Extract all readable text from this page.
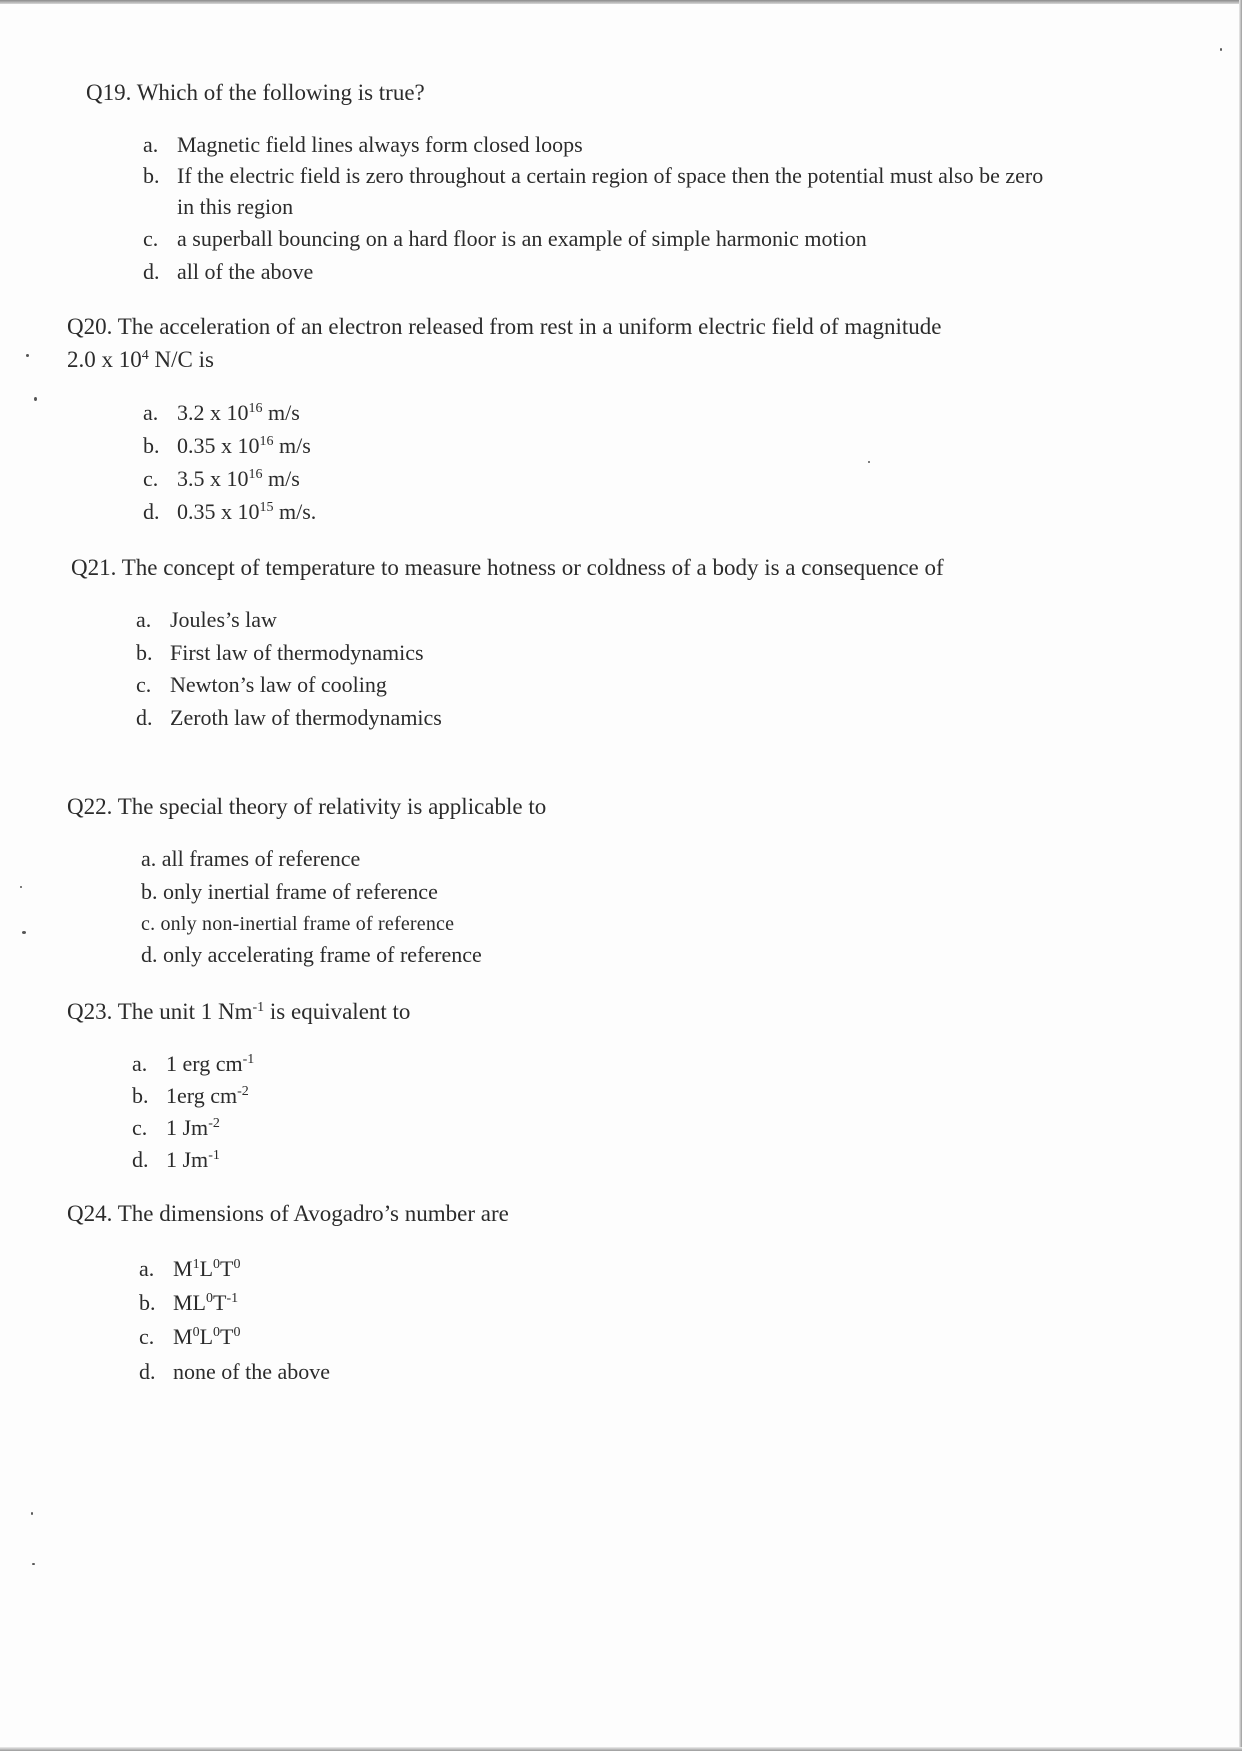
Q19. Which of the following is true?
a. Magnetic field lines always form closed loops
b. If the electric field is zero throughout a certain region of space then the potential must also be zero
in this region
c. a superball bouncing on a hard floor is an example of simple harmonic motion
d. all of the above
Q20. The acceleration of an electron released from rest in a uniform electric field of magnitude
2.0 x $10^4$ N/C is
a. 3.2 x $10^{16}$ m/s
b. 0.35 x $10^{16}$ m/s
c. 3.5 x $10^{16}$ m/s
d. 0.35 x $10^{15}$ m/s.
Q21. The concept of temperature to measure hotness or coldness of a body is a consequence of
a. Joules’s law
b. First law of thermodynamics
c. Newton’s law of cooling
d. Zeroth law of thermodynamics
Q22. The special theory of relativity is applicable to
a. all frames of reference
b. only inertial frame of reference
c. only non-inertial frame of reference
d. only accelerating frame of reference
Q23. The unit 1 $Nm^{-1}$ is equivalent to
a. 1 erg $cm^{-1}$
b. 1erg $cm^{-2}$
c. 1 $Jm^{-2}$
d. 1 $Jm^{-1}$
Q24. The dimensions of Avogadro’s number are
a. $M^1L^0T^0$
b. $ML^0T^{-1}$
c. $M^0L^0T^0$
d. none of the above
